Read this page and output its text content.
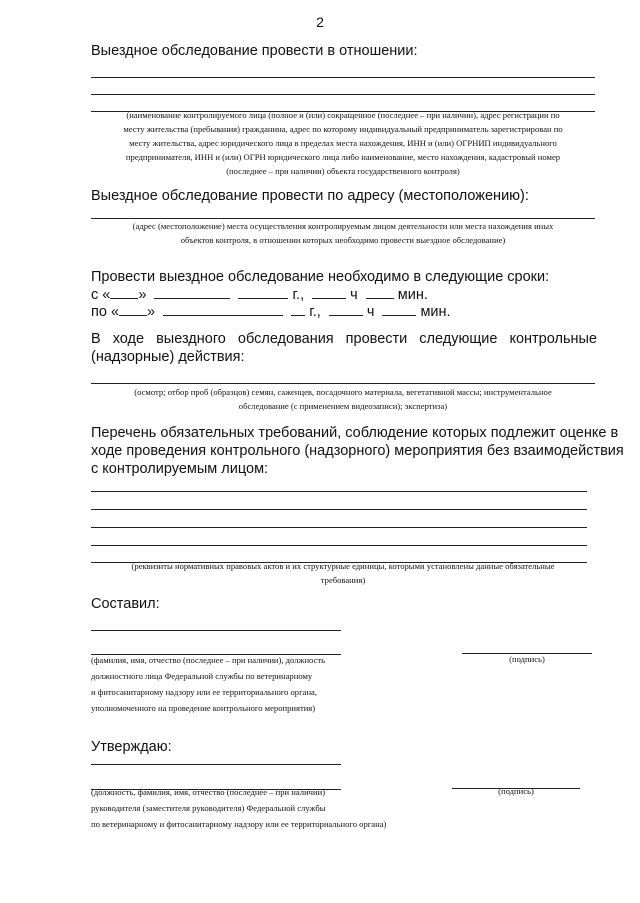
2
Выездное обследование провести в отношении:
(наименование контролируемого лица (полное и (или) сокращенное (последнее – при наличии), адрес регистрации по
месту жительства (пребывания) гражданина, адрес по которому индивидуальный предприниматель зарегистрирован по
месту жительства, адрес юридического лица в пределах места нахождения, ИНН и (или) ОГРНИП индивидуального
предпринимателя, ИНН и (или) ОГРН юридического лица либо наименование, место нахождения, кадастровый номер
(последнее – при наличии) объекта государственного контроля)
Выездное обследование провести по адресу (местоположению):
(адрес (местоположение) места осуществления контролируемым лицом деятельности или места нахождения иных
объектов контроля, в отношении которых необходимо провести выездное обследование)
Провести выездное обследование необходимо в следующие сроки:
с « »	г.,	ч	мин.
по « »	г.,	ч	мин.
В ходе выездного обследования провести следующие контрольные
(надзорные) действия:
(осмотр; отбор проб (образцов) семян, саженцев, посадочного материала, вегетативной массы; инструментальное
обследование (с применением видеозаписи); экспертиза)
Перечень обязательных требований, соблюдение которых подлежит оценке в
ходе проведения контрольного (надзорного) мероприятия без взаимодействия
с контролируемым лицом:
(реквизиты нормативных правовых актов и их структурные единицы, которыми установлены данные обязательные
требования)
Составил:
(фамилия, имя, отчество (последнее – при наличии), должность
должностного лица Федеральной службы по ветеринарному
и фитосанитарному надзору или ее территориального органа,
уполномоченного на проведение контрольного мероприятия)
(подпись)
Утверждаю:
(должность, фамилия, имя, отчество (последнее – при наличии)
руководителя (заместителя руководителя) Федеральной службы
по ветеринарному и фитосанитарному надзору или ее территориального органа)
(подпись)
